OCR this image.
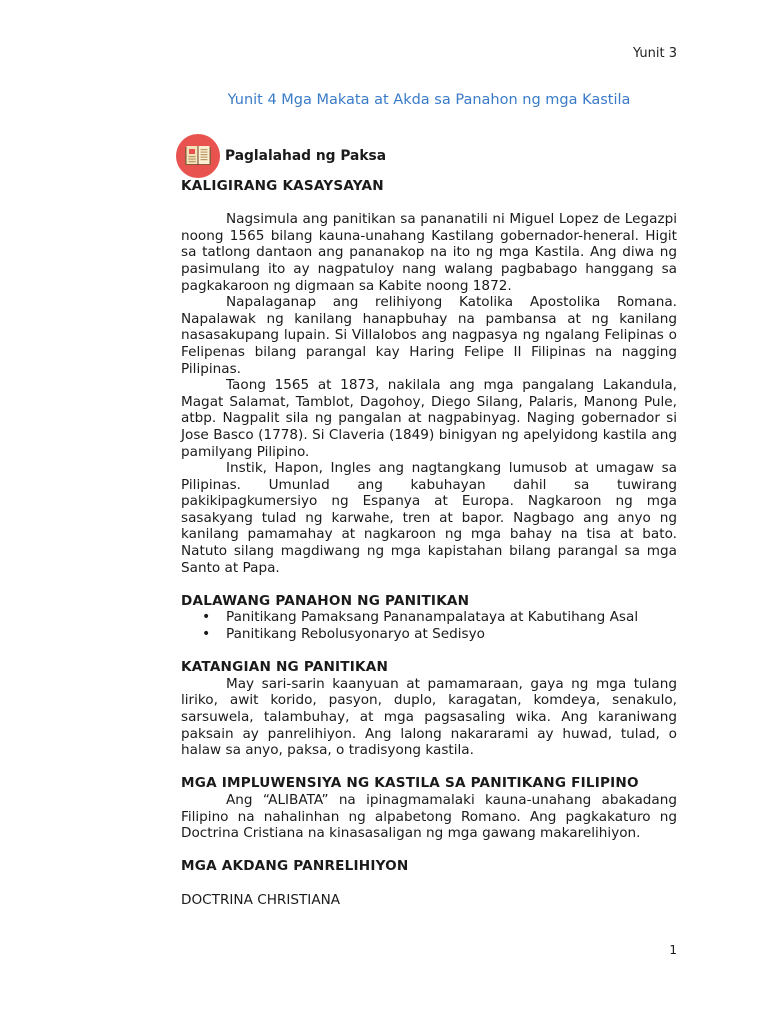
Yunit 3
Yunit 4 Mga Makata at Akda sa Panahon ng mga Kastila
Paglalahad ng Paksa
KALIGIRANG KASAYSAYAN

Nagsimula ang panitikan sa pananatili ni Miguel Lopez de Legazpi noong 1565 bilang kauna-unahang Kastilang gobernador-heneral. Higit sa tatlong dantaon ang pananakop na ito ng mga Kastila. Ang diwa ng pasimulang ito ay nagpatuloy nang walang pagbabago hanggang sa pagkakaroon ng digmaan sa Kabite noong 1872.

Napalaganap ang relihiyong Katolika Apostolika Romana. Napalawak ng kanilang hanapbuhay na pambansa at ng kanilang nasasakupang lupain. Si Villalobos ang nagpasya ng ngalang Felipinas o Felipenas bilang parangal kay Haring Felipe II Filipinas na nagging Pilipinas.

Taong 1565 at 1873, nakilala ang mga pangalang Lakandula, Magat Salamat, Tamblot, Dagohoy, Diego Silang, Palaris, Manong Pule, atbp. Nagpalit sila ng pangalan at nagpabinyag. Naging gobernador si Jose Basco (1778). Si Claveria (1849) binigyan ng apelyidong kastila ang pamilyang Pilipino.

Instik, Hapon, Ingles ang nagtangkang lumusob at umagaw sa Pilipinas. Umunlad ang kabuhayan dahil sa tuwirang pakikipagkumersiyo ng Espanya at Europa. Nagkaroon ng mga sasakyang tulad ng karwahe, tren at bapor. Nagbago ang anyo ng kanilang pamamahay at nagkaroon ng mga bahay na tisa at bato. Natuto silang magdiwang ng mga kapistahan bilang parangal sa mga Santo at Papa.

DALAWANG PANAHON NG PANITIKAN
• Panitikang Pamaksang Pananampalataya at Kabutihang Asal
• Panitikang Rebolusyonaryo at Sedisyo
KATANGIAN NG PANITIKAN

May sari-sarin kaanyuan at pamamaraan, gaya ng mga tulang liriko, awit korido, pasyon, duplo, karagatan, komdeya, senakulo, sarsuwela, talambuhay, at mga pagsasaling wika. Ang karaniwang paksain ay panrelihiyon. Ang lalong nakararami ay huwad, tulad, o halaw sa anyo, paksa, o tradisyong kastila.

MGA IMPLUWENSIYA NG KASTILA SA PANITIKANG FILIPINO

Ang “ALIBATA” na ipinagmamalaki kauna-unahang abakadang Filipino na nahalinhan ng alpabetong Romano. Ang pagkakaturo ng Doctrina Cristiana na kinasasaligan ng mga gawang makarelihiyon.

MGA AKDANG PANRELIHIYON

DOCTRINA CHRISTIANA

1
